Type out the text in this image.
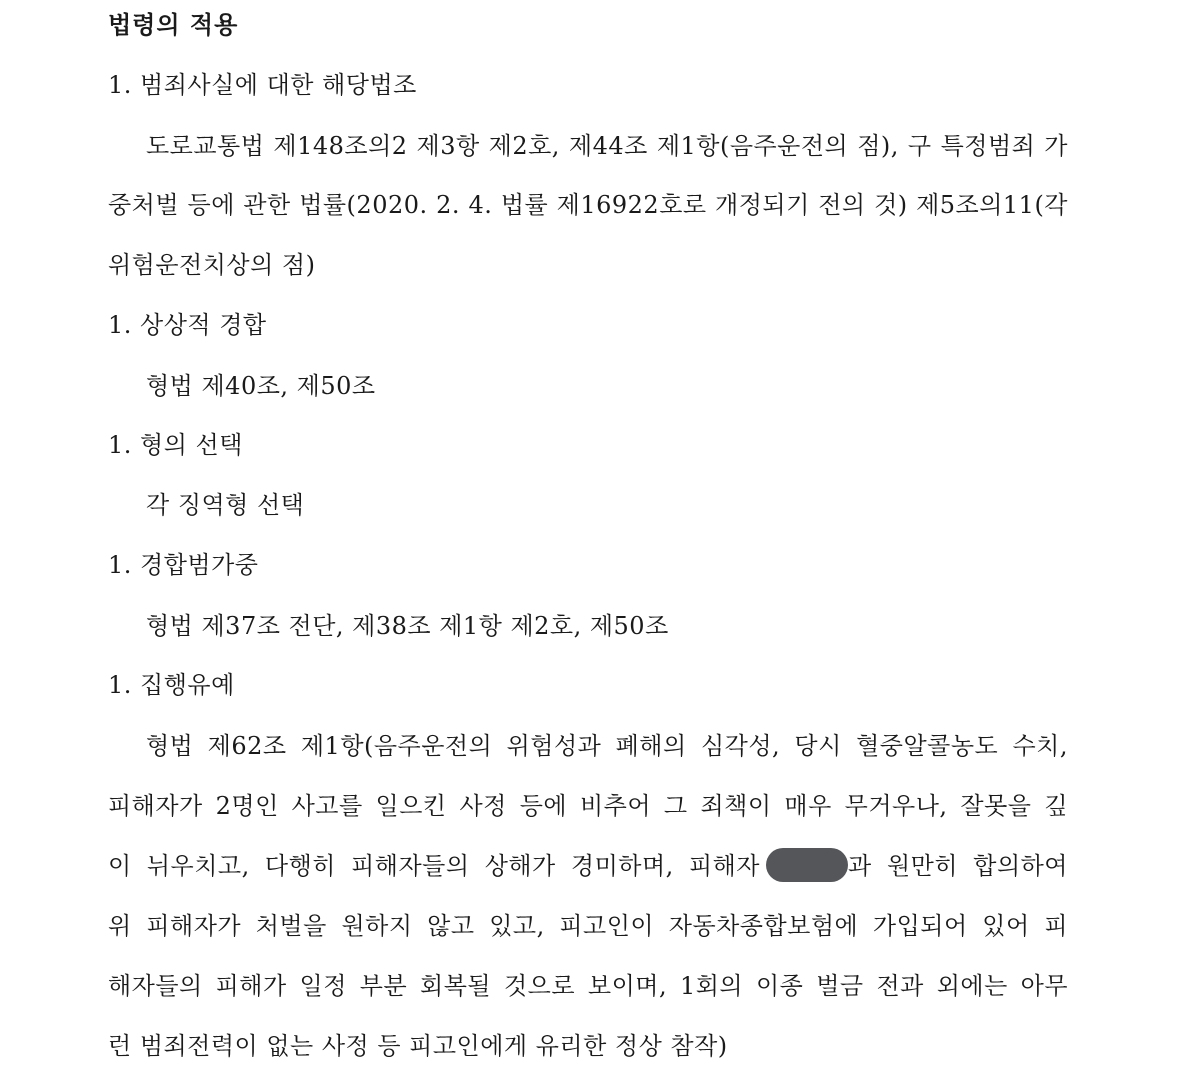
법령의 적용
1. 범죄사실에 대한 해당법조
도로교통법 제148조의2 제3항 제2호, 제44조 제1항(음주운전의 점), 구 특정범죄 가
중처벌 등에 관한 법률(2020. 2. 4. 법률 제16922호로 개정되기 전의 것) 제5조의11(각
위험운전치상의 점)
1. 상상적 경합
형법 제40조, 제50조
1. 형의 선택
각 징역형 선택
1. 경합범가중
형법 제37조 전단, 제38조 제1항 제2호, 제50조
1. 집행유예
형법 제62조 제1항(음주운전의 위험성과 폐해의 심각성, 당시 혈중알콜농도 수치,
피해자가 2명인 사고를 일으킨 사정 등에 비추어 그 죄책이 매우 무거우나, 잘못을 깊
이 뉘우치고, 다행히 피해자들의 상해가 경미하며, 피해자	과 원만히 합의하여
위 피해자가 처벌을 원하지 않고 있고, 피고인이 자동차종합보험에 가입되어 있어 피
해자들의 피해가 일정 부분 회복될 것으로 보이며, 1회의 이종 벌금 전과 외에는 아무
런 범죄전력이 없는 사정 등 피고인에게 유리한 정상 참작)
